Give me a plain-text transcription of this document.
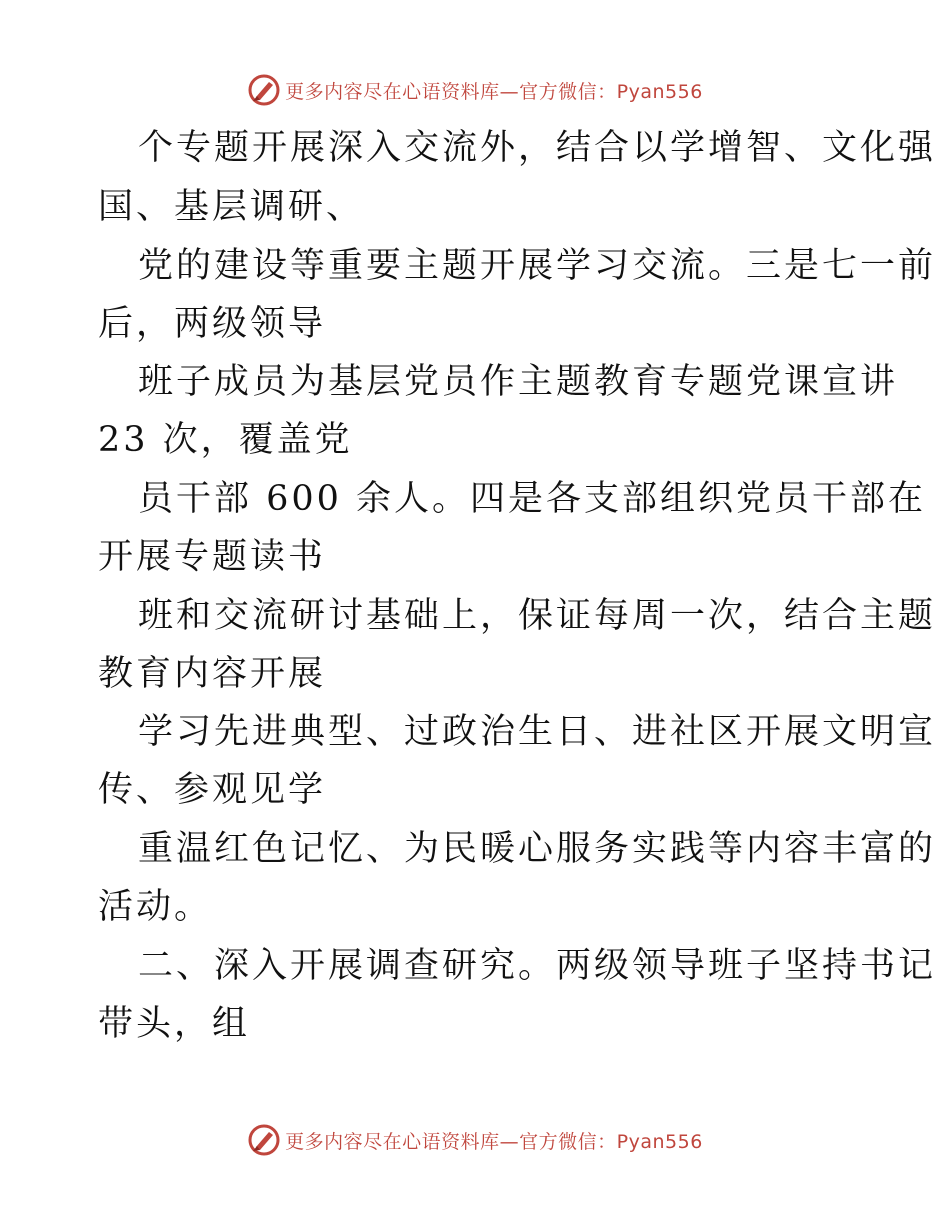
更多内容尽在心语资料库—官方微信：Pyan556
个专题开展深入交流外，结合以学增智、文化强
国、基层调研、
党的建设等重要主题开展学习交流。三是七一前
后，两级领导
班子成员为基层党员作主题教育专题党课宣讲
23 次，覆盖党
员干部 600 余人。四是各支部组织党员干部在
开展专题读书
班和交流研讨基础上，保证每周一次，结合主题
教育内容开展
学习先进典型、过政治生日、进社区开展文明宣
传、参观见学
重温红色记忆、为民暖心服务实践等内容丰富的
活动。
二、深入开展调查研究。两级领导班子坚持书记
带头，组
更多内容尽在心语资料库—官方微信：Pyan556
